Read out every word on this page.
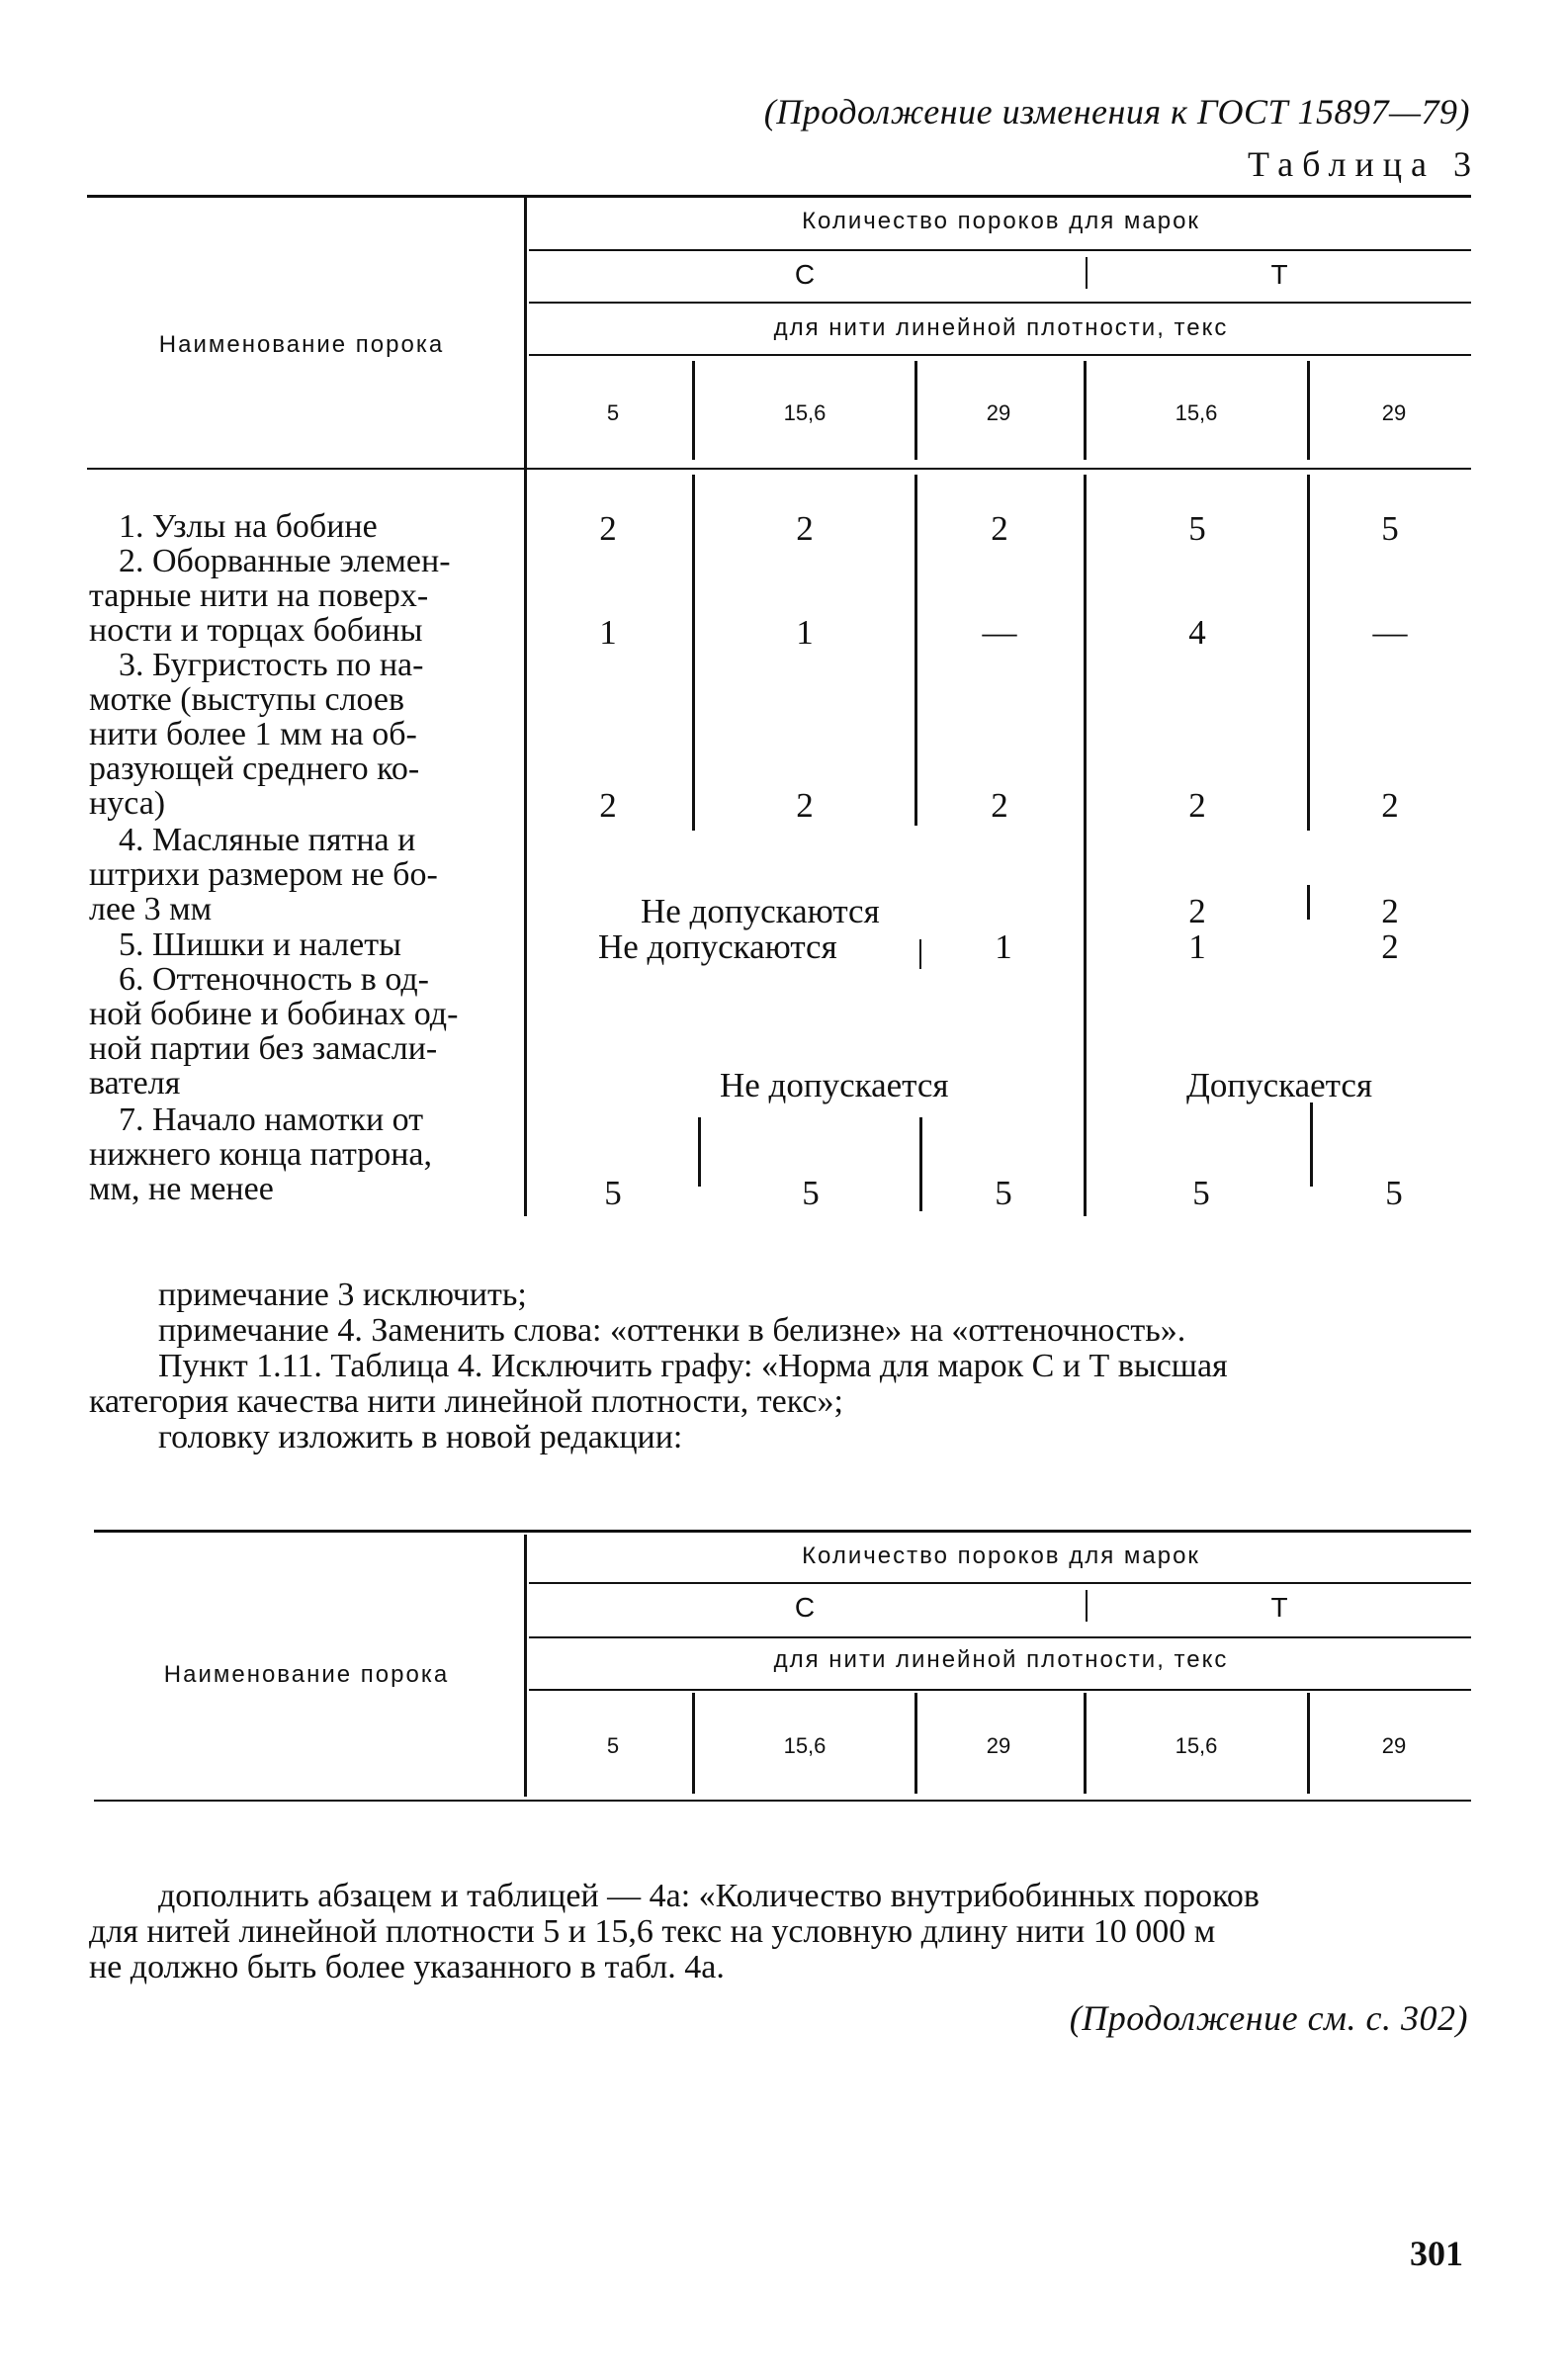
(Продолжение изменения к ГОСТ 15897—79)
Таблица 3
Наименование порока
Количество пороков для марок
С	Т
для нити линейной плотности, текс
5	15,6	29	15,6	29
1. Узлы на бобине	2	2	2	5	5
2. Оборванные элемен-
тарные нити на поверх-
ности и торцах бобины	1	1	—	4	—
3. Бугристость по на-
мотке (выступы слоев
нити более 1 мм на об-
разующей среднего ко-
нуса)	2	2	2	2	2
4. Масляные пятна и
штрихи размером не бо-
лее 3 мм	Не допускаются	2	2
5. Шишки и налеты	Не допускаются	1	1	2
6. Оттеночность в од-
ной бобине и бобинах од-
ной партии без замасли-
вателя	Не допускается	Допускается
7. Начало намотки от
нижнего конца патрона,
мм, не менее	5	5	5	5	5
примечание 3 исключить;
примечание 4. Заменить слова: «оттенки в белизне» на «оттеночность».
Пункт 1.11. Таблица 4. Исключить графу: «Норма для марок С и Т высшая
категория качества нити линейной плотности, текс»;
головку изложить в новой редакции:
Наименование порока
Количество пороков для марок
С	Т
для нити линейной плотности, текс
5	15,6	29	15,6	29
дополнить абзацем и таблицей — 4а: «Количество внутрибобинных пороков
для нитей линейной плотности 5 и 15,6 текс на условную длину нити 10 000 м
не должно быть более указанного в табл. 4а.
(Продолжение см. с. 302)
301
